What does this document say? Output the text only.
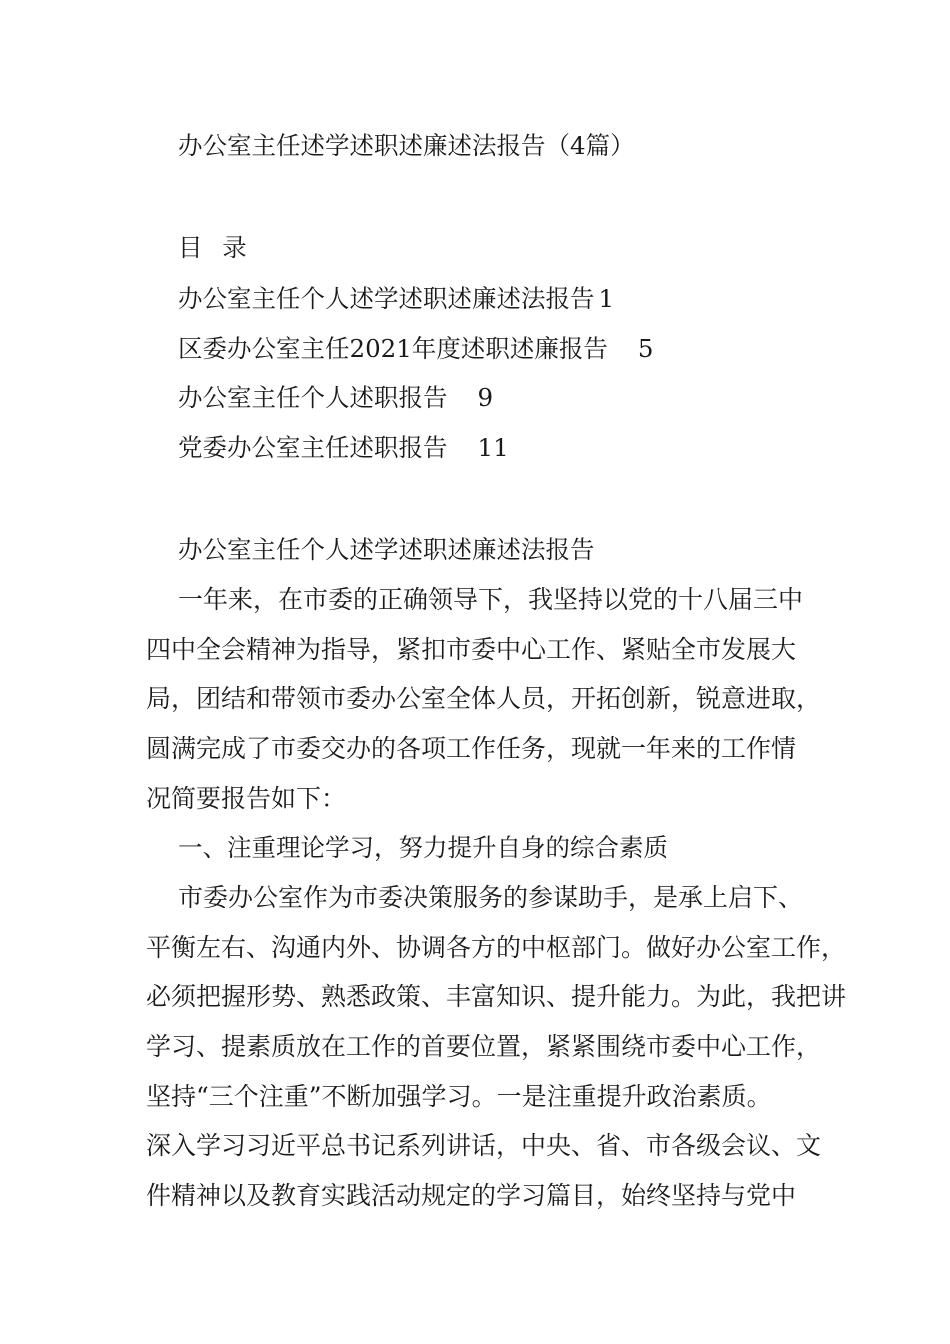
办公室主任述学述职述廉述法报告（4篇）
目 录
办公室主任个人述学述职述廉述法报告 1
区委办公室主任2021年度述职述廉报告 5
办公室主任个人述职报告 9
党委办公室主任述职报告 11
办公室主任个人述学述职述廉述法报告
一年来，在市委的正确领导下，我坚持以党的十八届三中
四中全会精神为指导，紧扣市委中心工作、紧贴全市发展大
局，团结和带领市委办公室全体人员，开拓创新，锐意进取，
圆满完成了市委交办的各项工作任务，现就一年来的工作情
况简要报告如下：
一、注重理论学习，努力提升自身的综合素质
市委办公室作为市委决策服务的参谋助手，是承上启下、
平衡左右、沟通内外、协调各方的中枢部门。做好办公室工作，
必须把握形势、熟悉政策、丰富知识、提升能力。为此，我把讲
学习、提素质放在工作的首要位置，紧紧围绕市委中心工作，
坚持“三个注重”不断加强学习。一是注重提升政治素质。
深入学习习近平总书记系列讲话，中央、省、市各级会议、文
件精神以及教育实践活动规定的学习篇目，始终坚持与党中
